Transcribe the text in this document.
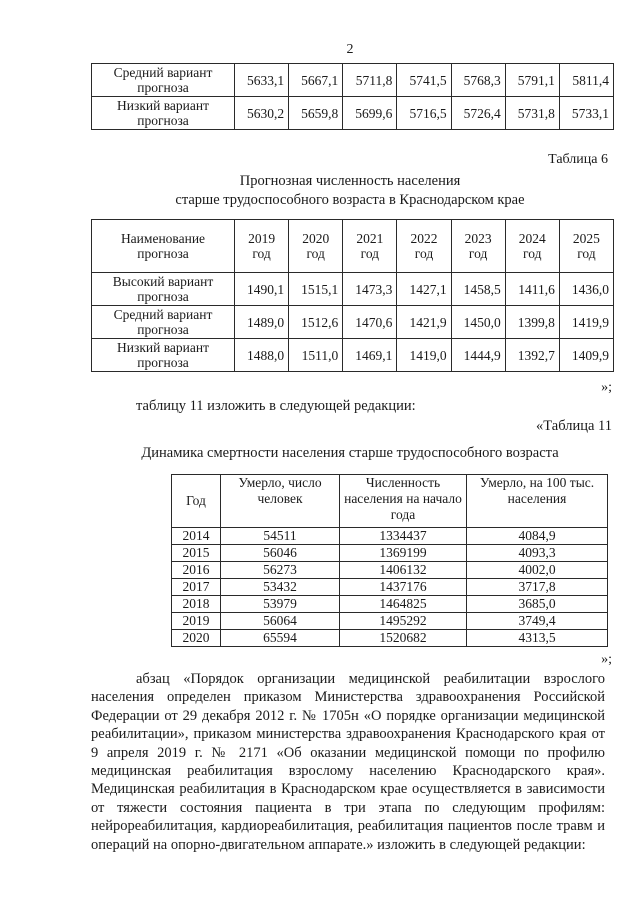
2
Средний вариант прогноза	5633,1	5667,1	5711,8	5741,5	5768,3	5791,1	5811,4
Низкий вариант прогноза	5630,2	5659,8	5699,6	5716,5	5726,4	5731,8	5733,1
Таблица 6
Прогнозная численность населения
старше трудоспособного возраста в Краснодарском крае
Наименование прогноза	2019 год	2020 год	2021 год	2022 год	2023 год	2024 год	2025 год
Высокий вариант прогноза	1490,1	1515,1	1473,3	1427,1	1458,5	1411,6	1436,0
Средний вариант прогноза	1489,0	1512,6	1470,6	1421,9	1450,0	1399,8	1419,9
Низкий вариант прогноза	1488,0	1511,0	1469,1	1419,0	1444,9	1392,7	1409,9
»;
таблицу 11 изложить в следующей редакции:
«Таблица 11
Динамика смертности населения старше трудоспособного возраста
Год	Умерло, число человек	Численность населения на начало года	Умерло, на 100 тыс. населения
2014	54511	1334437	4084,9
2015	56046	1369199	4093,3
2016	56273	1406132	4002,0
2017	53432	1437176	3717,8
2018	53979	1464825	3685,0
2019	56064	1495292	3749,4
2020	65594	1520682	4313,5
»;
абзац «Порядок организации медицинской реабилитации взрослого населения определен приказом Министерства здравоохранения Российской Федерации от 29 декабря 2012 г. № 1705н «О порядке организации медицинской реабилитации», приказом министерства здравоохранения Краснодарского края от 9 апреля 2019 г. № 2171 «Об оказании медицинской помощи по профилю медицинская реабилитация взрослому населению Краснодарского края». Медицинская реабилитация в Краснодарском крае осуществляется в зависимости от тяжести состояния пациента в три этапа по следующим профилям: нейрореабилитация, кардиореабилитация, реабилитация пациентов после травм и операций на опорно-двигательном аппарате.» изложить в следующей редакции:
